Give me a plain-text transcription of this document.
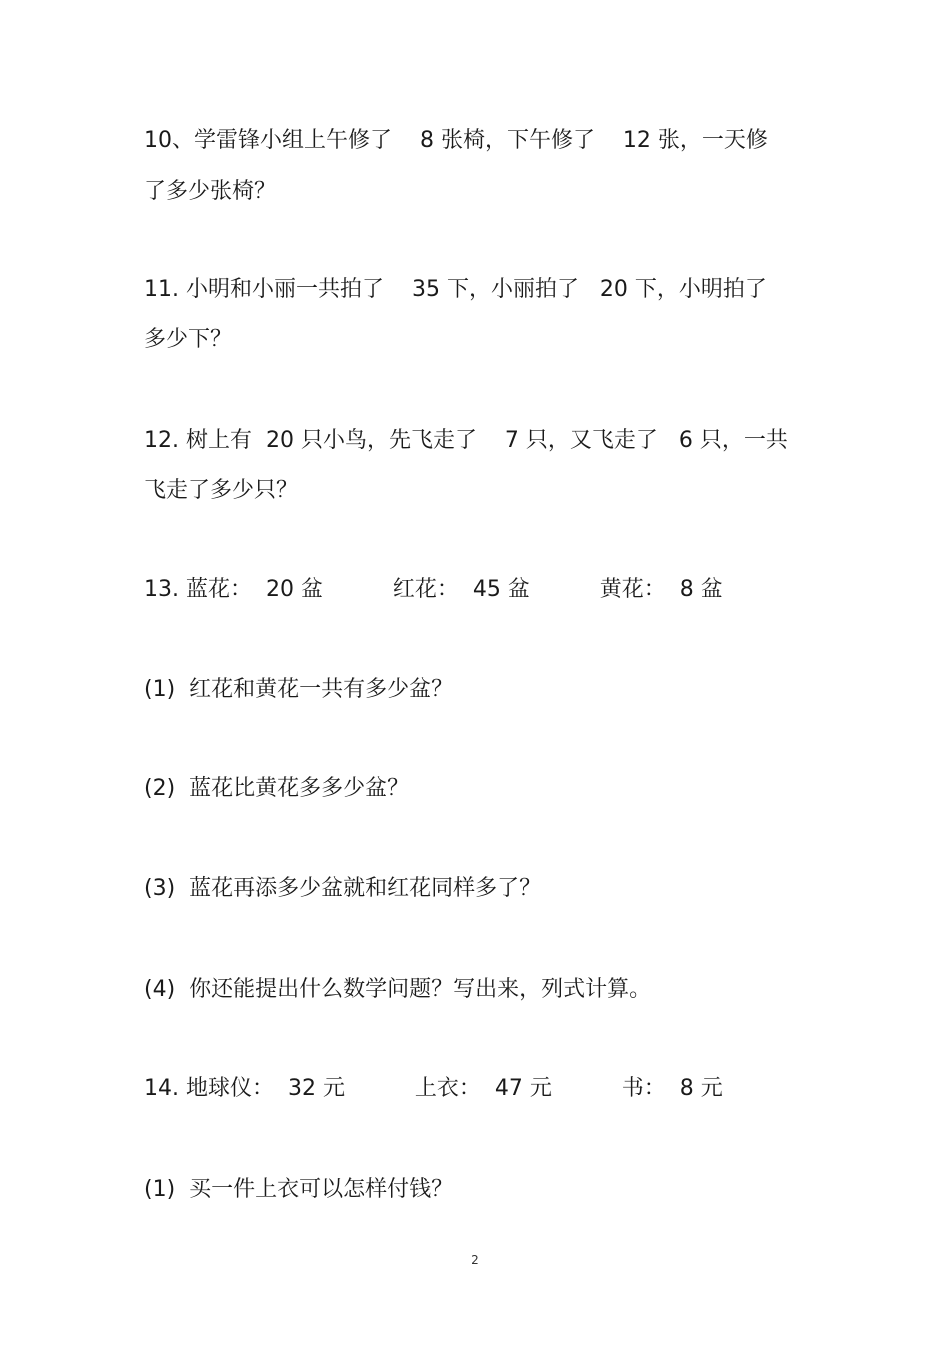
10、学雷锋小组上午修了    8 张椅，下午修了    12 张，一天修
了多少张椅？
11. 小明和小丽一共拍了    35 下，小丽拍了   20 下，小明拍了
多少下？
12. 树上有  20 只小鸟，先飞走了    7 只，又飞走了   6 只，一共
飞走了多少只？
13. 蓝花：  20 盆          红花：  45 盆          黄花：  8 盆
(1)  红花和黄花一共有多少盆？
(2)  蓝花比黄花多多少盆？
(3)  蓝花再添多少盆就和红花同样多了？
(4)  你还能提出什么数学问题？写出来，列式计算。
14. 地球仪：  32 元          上衣：  47 元          书：  8 元
(1)  买一件上衣可以怎样付钱？
2
